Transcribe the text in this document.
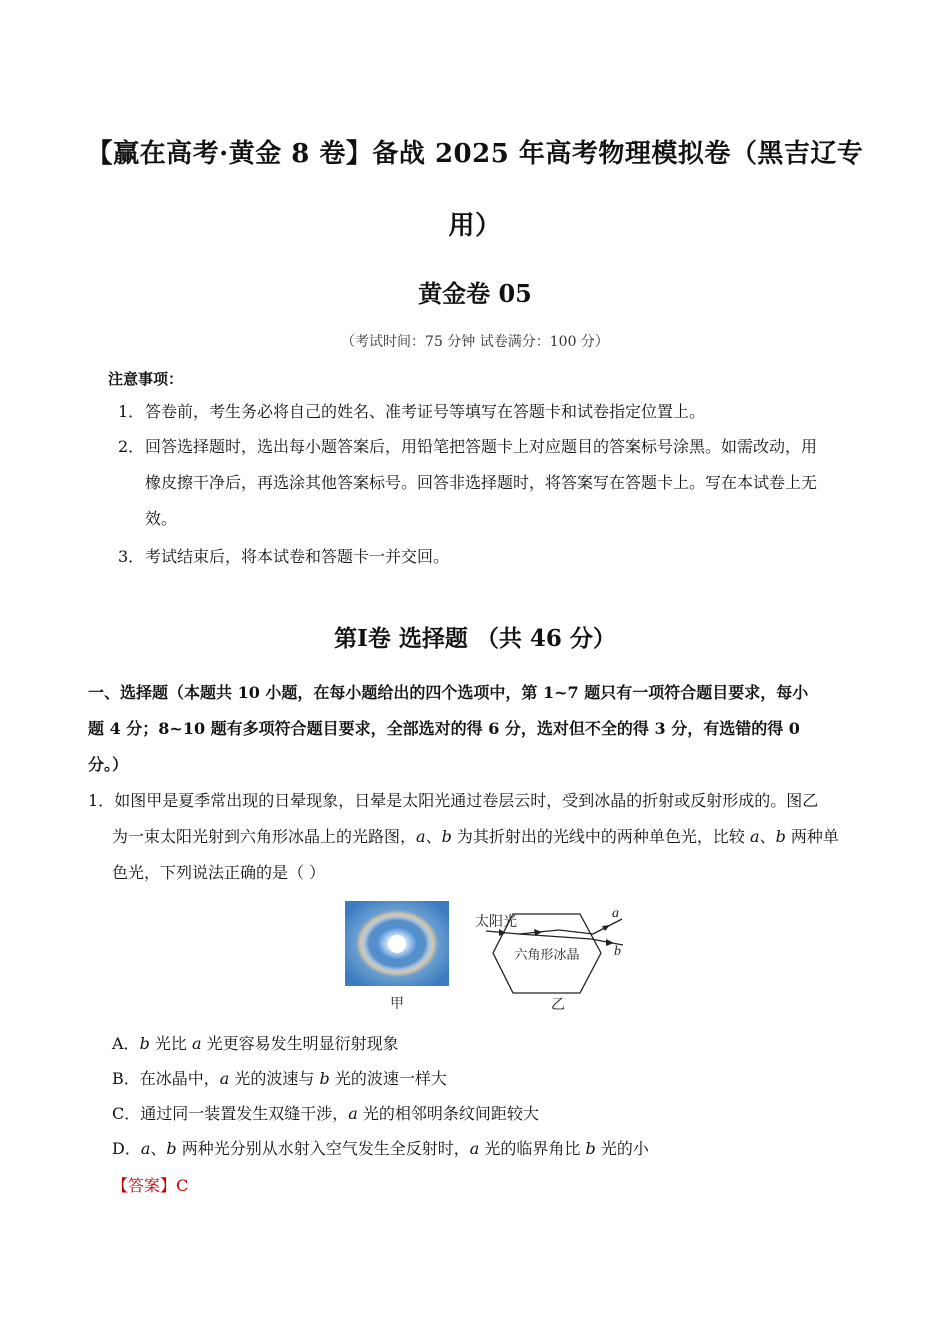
【赢在高考·黄金 8 卷】备战 2025 年高考物理模拟卷（黑吉辽专
用）
黄金卷 05
（考试时间：75 分钟 试卷满分：100 分）
注意事项：
1．答卷前，考生务必将自己的姓名、准考证号等填写在答题卡和试卷指定位置上。
2．回答选择题时，选出每小题答案后，用铅笔把答题卡上对应题目的答案标号涂黑。如需改动，用
橡皮擦干净后，再选涂其他答案标号。回答非选择题时，将答案写在答题卡上。写在本试卷上无
效。
3．考试结束后，将本试卷和答题卡一并交回。
第Ⅰ卷 选择题 （共 46 分）
一、选择题（本题共 10 小题，在每小题给出的四个选项中，第 1~7 题只有一项符合题目要求，每小
题 4 分；8~10 题有多项符合题目要求，全部选对的得 6 分，选对但不全的得 3 分，有选错的得 0
分。）
1．如图甲是夏季常出现的日晕现象，日晕是太阳光通过卷层云时，受到冰晶的折射或反射形成的。图乙
为一束太阳光射到六角形冰晶上的光路图，a、b 为其折射出的光线中的两种单色光，比较 a、b 两种单
色光，下列说法正确的是（ ）
甲
太阳光
六角形冰晶
a
b
乙
A．b 光比 a 光更容易发生明显衍射现象
B．在冰晶中，a 光的波速与 b 光的波速一样大
C．通过同一装置发生双缝干涉，a 光的相邻明条纹间距较大
D．a、b 两种光分别从水射入空气发生全反射时，a 光的临界角比 b 光的小
【答案】C
